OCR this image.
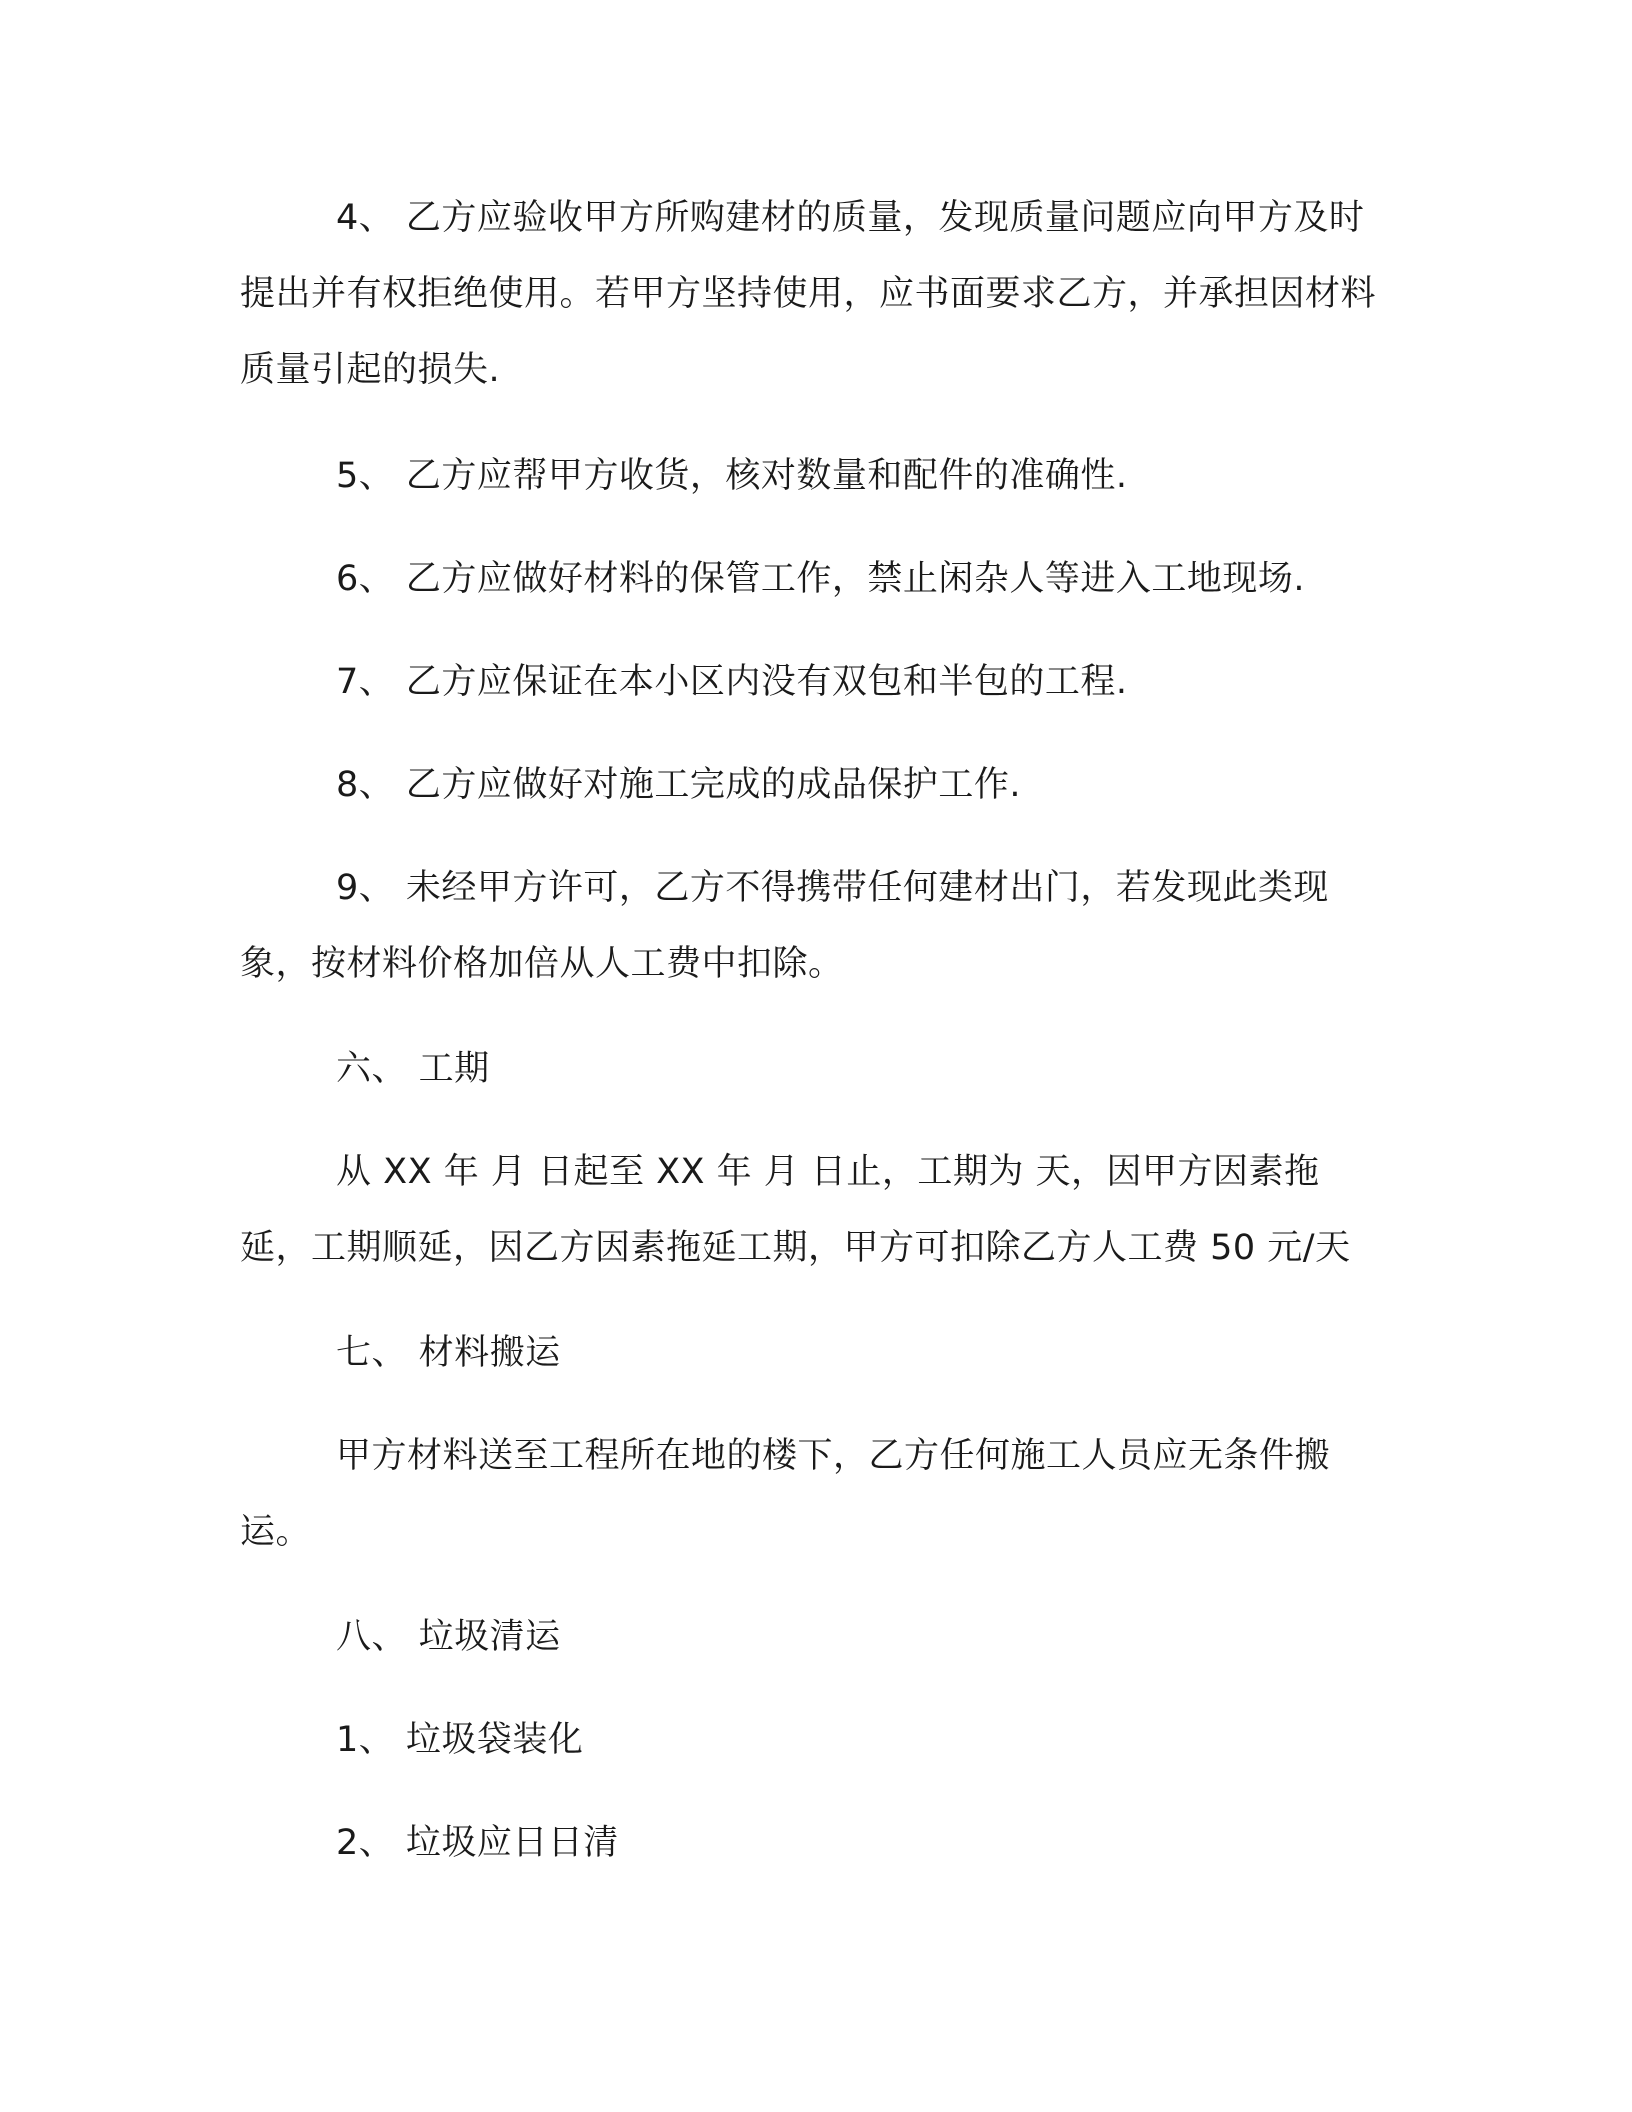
4、 乙方应验收甲方所购建材的质量，发现质量问题应向甲方及时提出并有权拒绝使用。若甲方坚持使用，应书面要求乙方，并承担因材料质量引起的损失.

5、 乙方应帮甲方收货，核对数量和配件的准确性.

6、 乙方应做好材料的保管工作，禁止闲杂人等进入工地现场.

7、 乙方应保证在本小区内没有双包和半包的工程.

8、 乙方应做好对施工完成的成品保护工作.

9、 未经甲方许可，乙方不得携带任何建材出门，若发现此类现象，按材料价格加倍从人工费中扣除。

六、 工期

从 XX 年 月 日起至 XX 年 月 日止，工期为 天，因甲方因素拖延，工期顺延，因乙方因素拖延工期，甲方可扣除乙方人工费 50 元/天

七、 材料搬运

甲方材料送至工程所在地的楼下，乙方任何施工人员应无条件搬运。

八、 垃圾清运

1、 垃圾袋装化

2、 垃圾应日日清
